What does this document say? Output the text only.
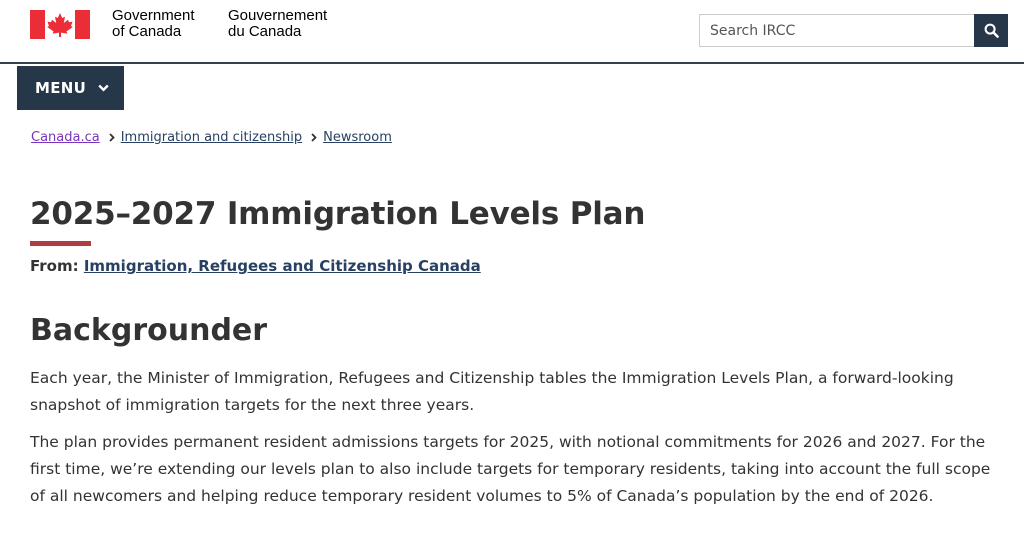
Government
of Canada
Gouvernement
du Canada
Search IRCC
MENU
Canada.ca Immigration and citizenship Newsroom
2025–2027 Immigration Levels Plan

From: Immigration, Refugees and Citizenship Canada

Backgrounder

Each year, the Minister of Immigration, Refugees and Citizenship tables the Immigration Levels Plan, a forward-looking snapshot of immigration targets for the next three years.

The plan provides permanent resident admissions targets for 2025, with notional commitments for 2026 and 2027. For the first time, we’re extending our levels plan to also include targets for temporary residents, taking into account the full scope of all newcomers and helping reduce temporary resident volumes to 5% of Canada’s population by the end of 2026.
